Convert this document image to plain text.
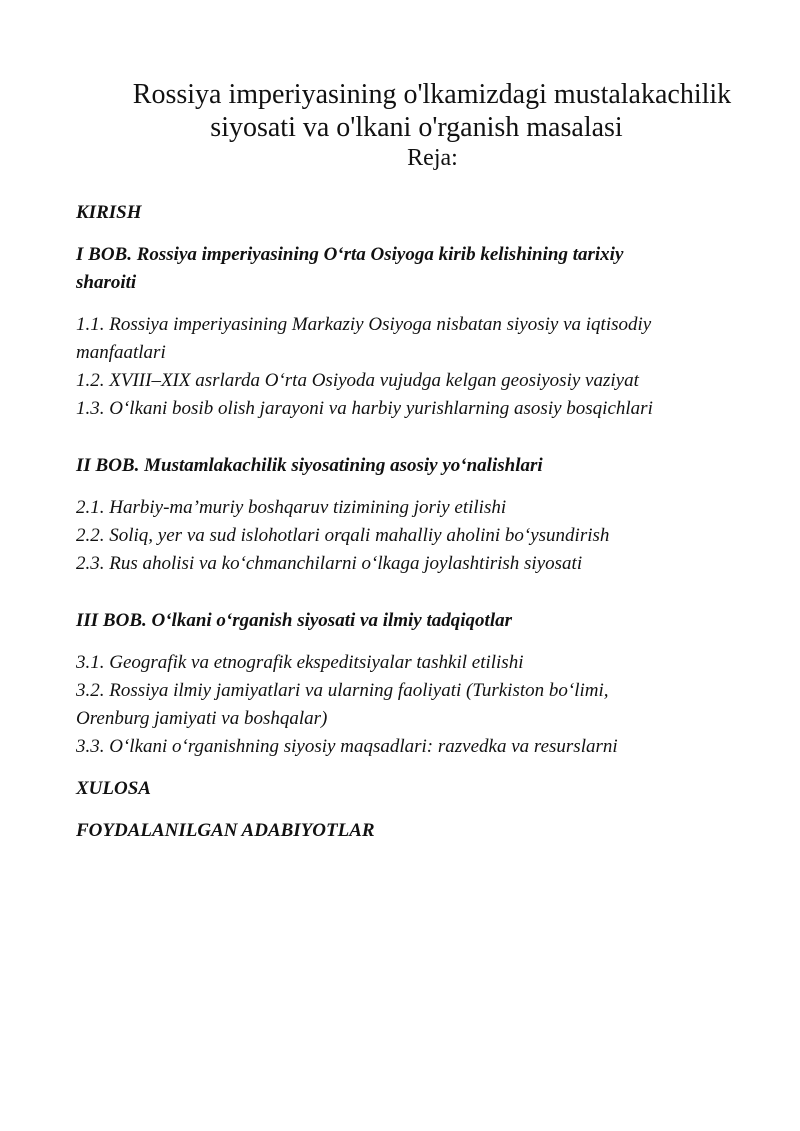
Rossiya imperiyasining o'lkamizdagi mustalakachilik
siyosati va o'lkani o'rganish masalasi
Reja:

KIRISH

I BOB. Rossiya imperiyasining O‘rta Osiyoga kirib kelishining tarixiy

sharoiti

1.1. Rossiya imperiyasining Markaziy Osiyoga nisbatan siyosiy va iqtisodiy

manfaatlari

1.2. XVIII–XIX asrlarda O‘rta Osiyoda vujudga kelgan geosiyosiy vaziyat

1.3. O‘lkani bosib olish jarayoni va harbiy yurishlarning asosiy bosqichlari

II BOB. Mustamlakachilik siyosatining asosiy yo‘nalishlari

2.1. Harbiy-ma’muriy boshqaruv tizimining joriy etilishi

2.2. Soliq, yer va sud islohotlari orqali mahalliy aholini bo‘ysundirish

2.3. Rus aholisi va ko‘chmanchilarni o‘lkaga joylashtirish siyosati

III BOB. O‘lkani o‘rganish siyosati va ilmiy tadqiqotlar

3.1. Geografik va etnografik ekspeditsiyalar tashkil etilishi

3.2. Rossiya ilmiy jamiyatlari va ularning faoliyati (Turkiston bo‘limi,

Orenburg jamiyati va boshqalar)

3.3. O‘lkani o‘rganishning siyosiy maqsadlari: razvedka va resurslarni

XULOSA

FOYDALANILGAN ADABIYOTLAR
